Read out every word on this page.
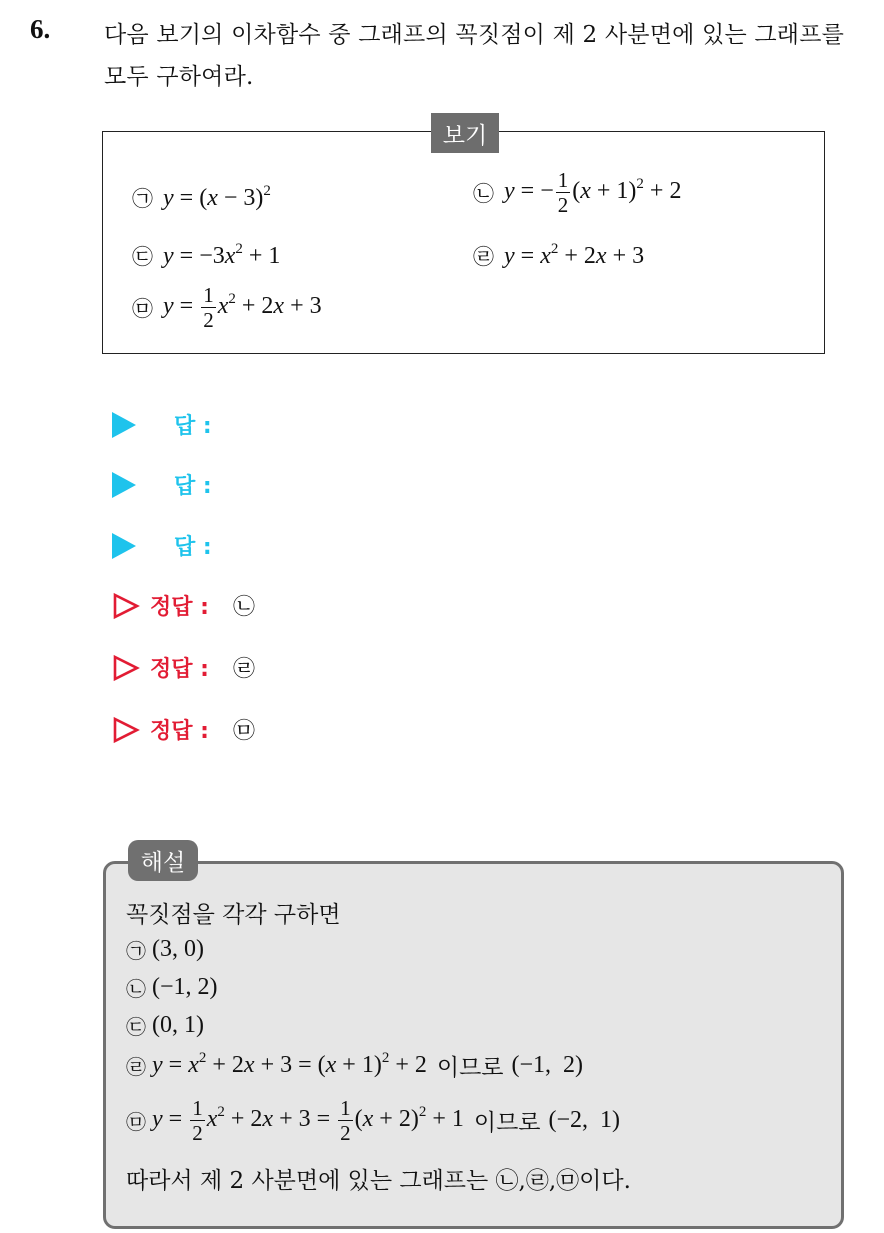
6. 다음 보기의 이차함수 중 그래프의 꼭짓점이 제 2 사분면에 있는 그래프를 모두 구하여라.
보기
㉠ $y = (x - 3)^2$	㉡ y = − $\frac{1}{2} (x + 1)^2 + 2$
㉢ $y = -3x^2 + 1$	㉣ $y = x^2 + 2x + 3$
㉤ $y = \frac{1}{2} x^2 + 2x + 3$
답 :
답 :
답 :
정답 : ㉡
정답 : ㉣
정답 : ㉤
해설
꼭짓점을 각각 구하면
㉠ (3, 0)
㉡ (−1, 2)
㉢ (0, 1)
㉣ $y = x^2 + 2x + 3 = (x + 1)^2 + 2$ 이므로 (−1,  2)
㉤ $y = \frac{1}{2} x^2 + 2x + 3 = \frac{1}{2} (x + 2)^2 + 1$ 이므로 (−2,  1)
따라서 제 2 사분면에 있는 그래프는 ㉡,㉣,㉤이다.
